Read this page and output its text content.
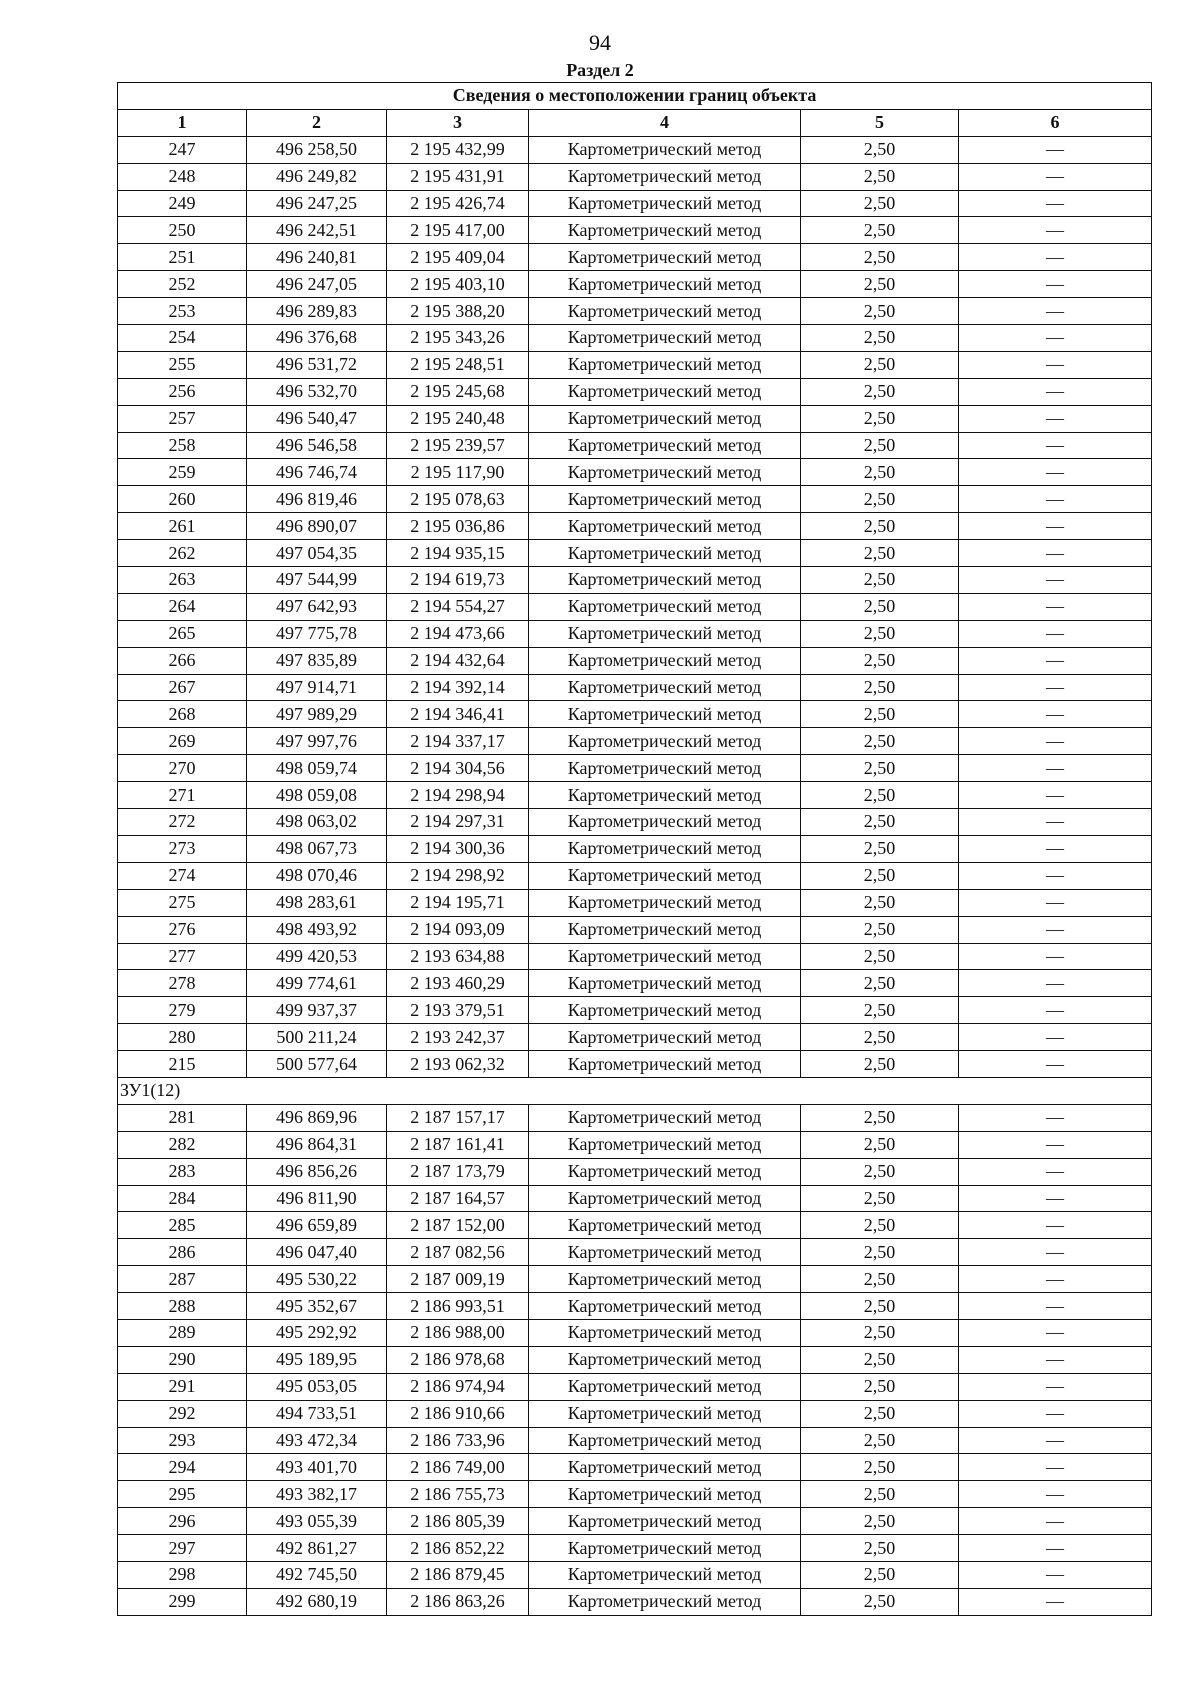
94
Раздел 2
Сведения о местоположении границ объекта					
1	2	3	4	5	6
247	496 258,50	2 195 432,99	Картометрический метод	2,50	—
248	496 249,82	2 195 431,91	Картометрический метод	2,50	—
249	496 247,25	2 195 426,74	Картометрический метод	2,50	—
250	496 242,51	2 195 417,00	Картометрический метод	2,50	—
251	496 240,81	2 195 409,04	Картометрический метод	2,50	—
252	496 247,05	2 195 403,10	Картометрический метод	2,50	—
253	496 289,83	2 195 388,20	Картометрический метод	2,50	—
254	496 376,68	2 195 343,26	Картометрический метод	2,50	—
255	496 531,72	2 195 248,51	Картометрический метод	2,50	—
256	496 532,70	2 195 245,68	Картометрический метод	2,50	—
257	496 540,47	2 195 240,48	Картометрический метод	2,50	—
258	496 546,58	2 195 239,57	Картометрический метод	2,50	—
259	496 746,74	2 195 117,90	Картометрический метод	2,50	—
260	496 819,46	2 195 078,63	Картометрический метод	2,50	—
261	496 890,07	2 195 036,86	Картометрический метод	2,50	—
262	497 054,35	2 194 935,15	Картометрический метод	2,50	—
263	497 544,99	2 194 619,73	Картометрический метод	2,50	—
264	497 642,93	2 194 554,27	Картометрический метод	2,50	—
265	497 775,78	2 194 473,66	Картометрический метод	2,50	—
266	497 835,89	2 194 432,64	Картометрический метод	2,50	—
267	497 914,71	2 194 392,14	Картометрический метод	2,50	—
268	497 989,29	2 194 346,41	Картометрический метод	2,50	—
269	497 997,76	2 194 337,17	Картометрический метод	2,50	—
270	498 059,74	2 194 304,56	Картометрический метод	2,50	—
271	498 059,08	2 194 298,94	Картометрический метод	2,50	—
272	498 063,02	2 194 297,31	Картометрический метод	2,50	—
273	498 067,73	2 194 300,36	Картометрический метод	2,50	—
274	498 070,46	2 194 298,92	Картометрический метод	2,50	—
275	498 283,61	2 194 195,71	Картометрический метод	2,50	—
276	498 493,92	2 194 093,09	Картометрический метод	2,50	—
277	499 420,53	2 193 634,88	Картометрический метод	2,50	—
278	499 774,61	2 193 460,29	Картометрический метод	2,50	—
279	499 937,37	2 193 379,51	Картометрический метод	2,50	—
280	500 211,24	2 193 242,37	Картометрический метод	2,50	—
215	500 577,64	2 193 062,32	Картометрический метод	2,50	—
ЗУ1(12)					
281	496 869,96	2 187 157,17	Картометрический метод	2,50	—
282	496 864,31	2 187 161,41	Картометрический метод	2,50	—
283	496 856,26	2 187 173,79	Картометрический метод	2,50	—
284	496 811,90	2 187 164,57	Картометрический метод	2,50	—
285	496 659,89	2 187 152,00	Картометрический метод	2,50	—
286	496 047,40	2 187 082,56	Картометрический метод	2,50	—
287	495 530,22	2 187 009,19	Картометрический метод	2,50	—
288	495 352,67	2 186 993,51	Картометрический метод	2,50	—
289	495 292,92	2 186 988,00	Картометрический метод	2,50	—
290	495 189,95	2 186 978,68	Картометрический метод	2,50	—
291	495 053,05	2 186 974,94	Картометрический метод	2,50	—
292	494 733,51	2 186 910,66	Картометрический метод	2,50	—
293	493 472,34	2 186 733,96	Картометрический метод	2,50	—
294	493 401,70	2 186 749,00	Картометрический метод	2,50	—
295	493 382,17	2 186 755,73	Картометрический метод	2,50	—
296	493 055,39	2 186 805,39	Картометрический метод	2,50	—
297	492 861,27	2 186 852,22	Картометрический метод	2,50	—
298	492 745,50	2 186 879,45	Картометрический метод	2,50	—
299	492 680,19	2 186 863,26	Картометрический метод	2,50	—
